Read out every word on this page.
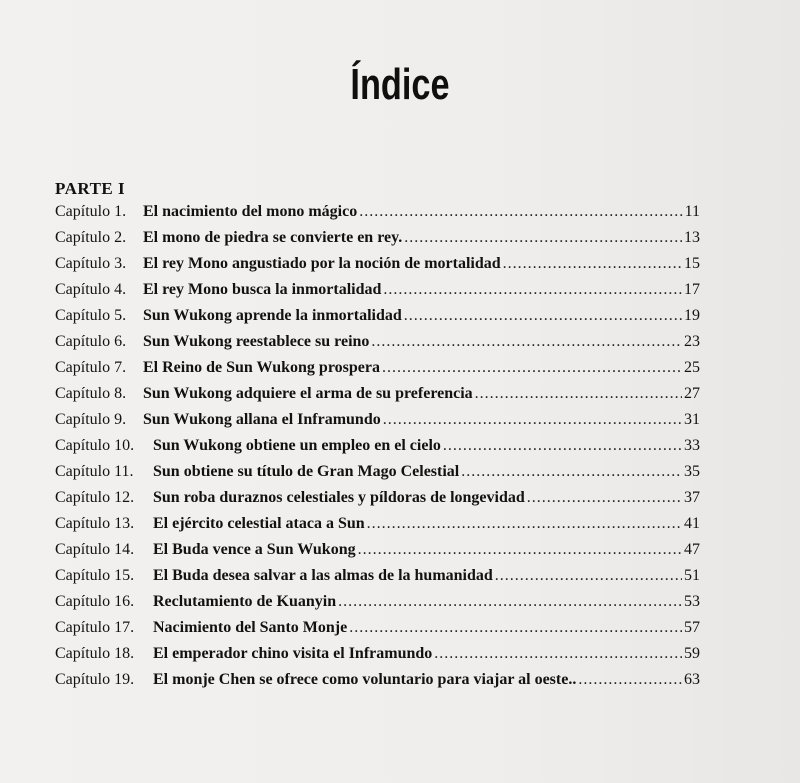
Índice
PARTE I
Capítulo 1.	El nacimiento del mono mágico .....	11
Capítulo 2.	El mono de piedra se convierte en rey. .....	13
Capítulo 3.	El rey Mono angustiado por la noción de mortalidad .....	15
Capítulo 4.	El rey Mono busca la inmortalidad .....	17
Capítulo 5.	Sun Wukong aprende la inmortalidad .....	19
Capítulo 6.	Sun Wukong reestablece su reino .....	23
Capítulo 7.	El Reino de Sun Wukong prospera .....	25
Capítulo 8.	Sun Wukong adquiere el arma de su preferencia .....	27
Capítulo 9.	Sun Wukong allana el Inframundo .....	31
Capítulo 10.	Sun Wukong obtiene un empleo en el cielo .....	33
Capítulo 11.	Sun obtiene su título de Gran Mago Celestial .....	35
Capítulo 12.	Sun roba duraznos celestiales y píldoras de longevidad .....	37
Capítulo 13.	El ejército celestial ataca a Sun .....	41
Capítulo 14.	El Buda vence a Sun Wukong .....	47
Capítulo 15.	El Buda desea salvar a las almas de la humanidad .....	51
Capítulo 16.	Reclutamiento de Kuanyin .....	53
Capítulo 17.	Nacimiento del Santo Monje .....	57
Capítulo 18.	El emperador chino visita el Inframundo .....	59
Capítulo 19.	El monje Chen se ofrece como voluntario para viajar al oeste.. .....	63
